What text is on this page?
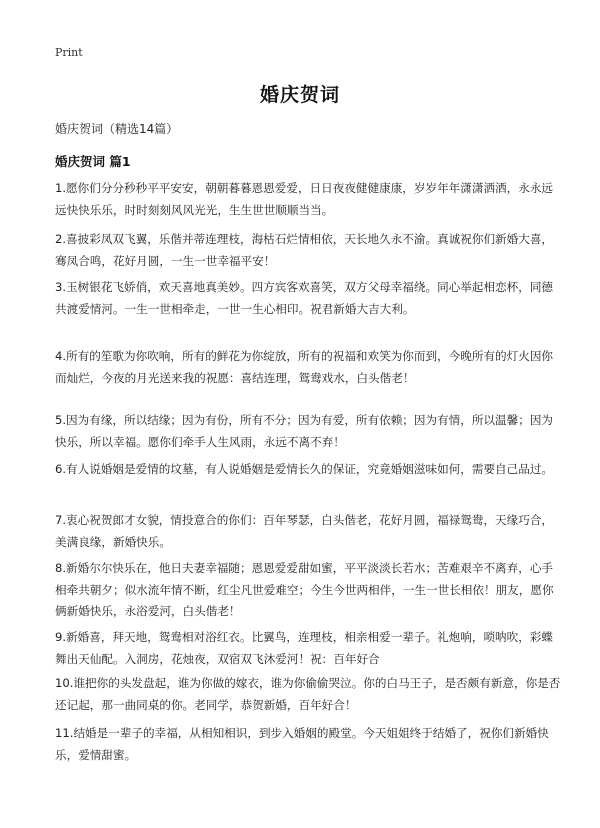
Print
婚庆贺词
婚庆贺词（精选14篇）
婚庆贺词 篇1

1.愿你们分分秒秒平平安安，朝朝暮暮恩恩爱爱，日日夜夜健健康康，岁岁年年潇潇洒洒，永永远远快快乐乐，时时刻刻风风光光，生生世世顺顺当当。

2.喜披彩凤双飞翼，乐偕并蒂连理枝，海枯石烂情相依，天长地久永不渝。真诚祝你们新婚大喜，骞凤合鸣，花好月圆，一生一世幸福平安！

3.玉树银花飞娇俏，欢天喜地真美妙。四方宾客欢喜笑，双方父母幸福绕。同心举起相恋杯，同德共渡爱情河。一生一世相牵走，一世一生心相印。祝君新婚大吉大利。

4.所有的笙歌为你吹响，所有的鲜花为你绽放，所有的祝福和欢笑为你而到，今晚所有的灯火因你而灿烂，今夜的月光送来我的祝愿：喜结连理，鸳鸯戏水，白头偕老！

5.因为有缘，所以结缘；因为有份，所有不分；因为有爱，所有依赖；因为有情，所以温馨；因为快乐，所以幸福。愿你们牵手人生风雨，永远不离不弃！

6.有人说婚姻是爱情的坟墓，有人说婚姻是爱情长久的保证，究竟婚姻滋味如何，需要自己品过。

7.衷心祝贺郎才女貌，情投意合的你们：百年琴瑟，白头偕老，花好月圆，福禄鸳鸯，天缘巧合，美满良缘，新婚快乐。

8.新婚尔尔快乐在，他日夫妻幸福随；恩恩爱爱甜如蜜，平平淡淡长若水；苦难艰辛不离弃，心手相牵共朝夕；似水流年情不断，红尘凡世爱难空；今生今世两相伴，一生一世长相依！朋友，愿你俩新婚快乐，永浴爱河，白头偕老！

9.新婚喜，拜天地，鸳鸯相对浴红衣。比翼鸟，连理枝，相亲相爱一辈子。礼炮响，唢呐吹，彩蝶舞出天仙配。入洞房，花烛夜，双宿双飞沐爱河！祝：百年好合

10.谁把你的头发盘起，谁为你做的嫁衣，谁为你偷偷哭泣。你的白马王子，是否颇有新意，你是否还记起，那一曲同桌的你。老同学，恭贺新婚，百年好合！

11.结婚是一辈子的幸福，从相知相识，到步入婚姻的殿堂。今天姐姐终于结婚了，祝你们新婚快乐，爱情甜蜜。
